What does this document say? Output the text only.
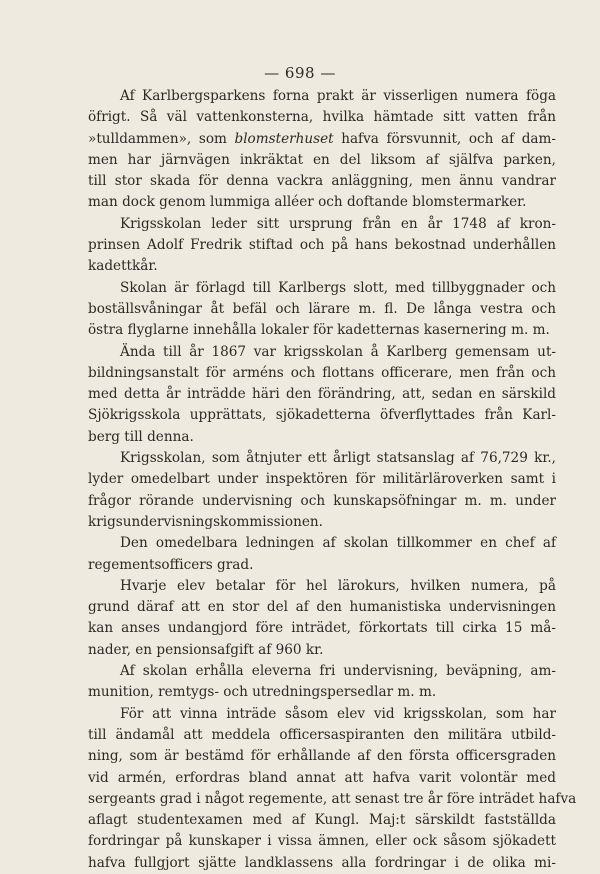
— 698 —
Af Karlbergsparkens forna prakt är visserligen numera föga
öfrigt. Så väl vattenkonsterna, hvilka hämtade sitt vatten från
»tulldammen», som blomsterhuset hafva försvunnit, och af dam-
men har järnvägen inkräktat en del liksom af själfva parken,
till stor skada för denna vackra anläggning, men ännu vandrar
man dock genom lummiga alléer och doftande blomstermarker.
Krigsskolan leder sitt ursprung från en år 1748 af kron-
prinsen Adolf Fredrik stiftad och på hans bekostnad underhållen
kadettkår.
Skolan är förlagd till Karlbergs slott, med tillbyggnader och
boställsvåningar åt befäl och lärare m. fl. De långa vestra och
östra flyglarne innehålla lokaler för kadetternas kasernering m. m.
Ända till år 1867 var krigsskolan å Karlberg gemensam ut-
bildningsanstalt för arméns och flottans officerare, men från och
med detta år inträdde häri den förändring, att, sedan en särskild
Sjökrigsskola upprättats, sjökadetterna öfverflyttades från Karl-
berg till denna.
Krigsskolan, som åtnjuter ett årligt statsanslag af 76,729 kr.,
lyder omedelbart under inspektören för militärläroverken samt i
frågor rörande undervisning och kunskapsöfningar m. m. under
krigsundervisningskommissionen.
Den omedelbara ledningen af skolan tillkommer en chef af
regementsofficers grad.
Hvarje elev betalar för hel lärokurs, hvilken numera, på
grund däraf att en stor del af den humanistiska undervisningen
kan anses undangjord före inträdet, förkortats till cirka 15 må-
nader, en pensionsafgift af 960 kr.
Af skolan erhålla eleverna fri undervisning, beväpning, am-
munition, remtygs- och utredningspersedlar m. m.
För att vinna inträde såsom elev vid krigsskolan, som har
till ändamål att meddela officersaspiranten den militära utbild-
ning, som är bestämd för erhållande af den första officersgraden
vid armén, erfordras bland annat att hafva varit volontär med
sergeants grad i något regemente, att senast tre år före inträdet hafva
aflagt studentexamen med af Kungl. Maj:t särskildt fastställda
fordringar på kunskaper i vissa ämnen, eller ock såsom sjökadett
hafva fullgjort sjätte landklassens alla fordringar i de olika mi-
